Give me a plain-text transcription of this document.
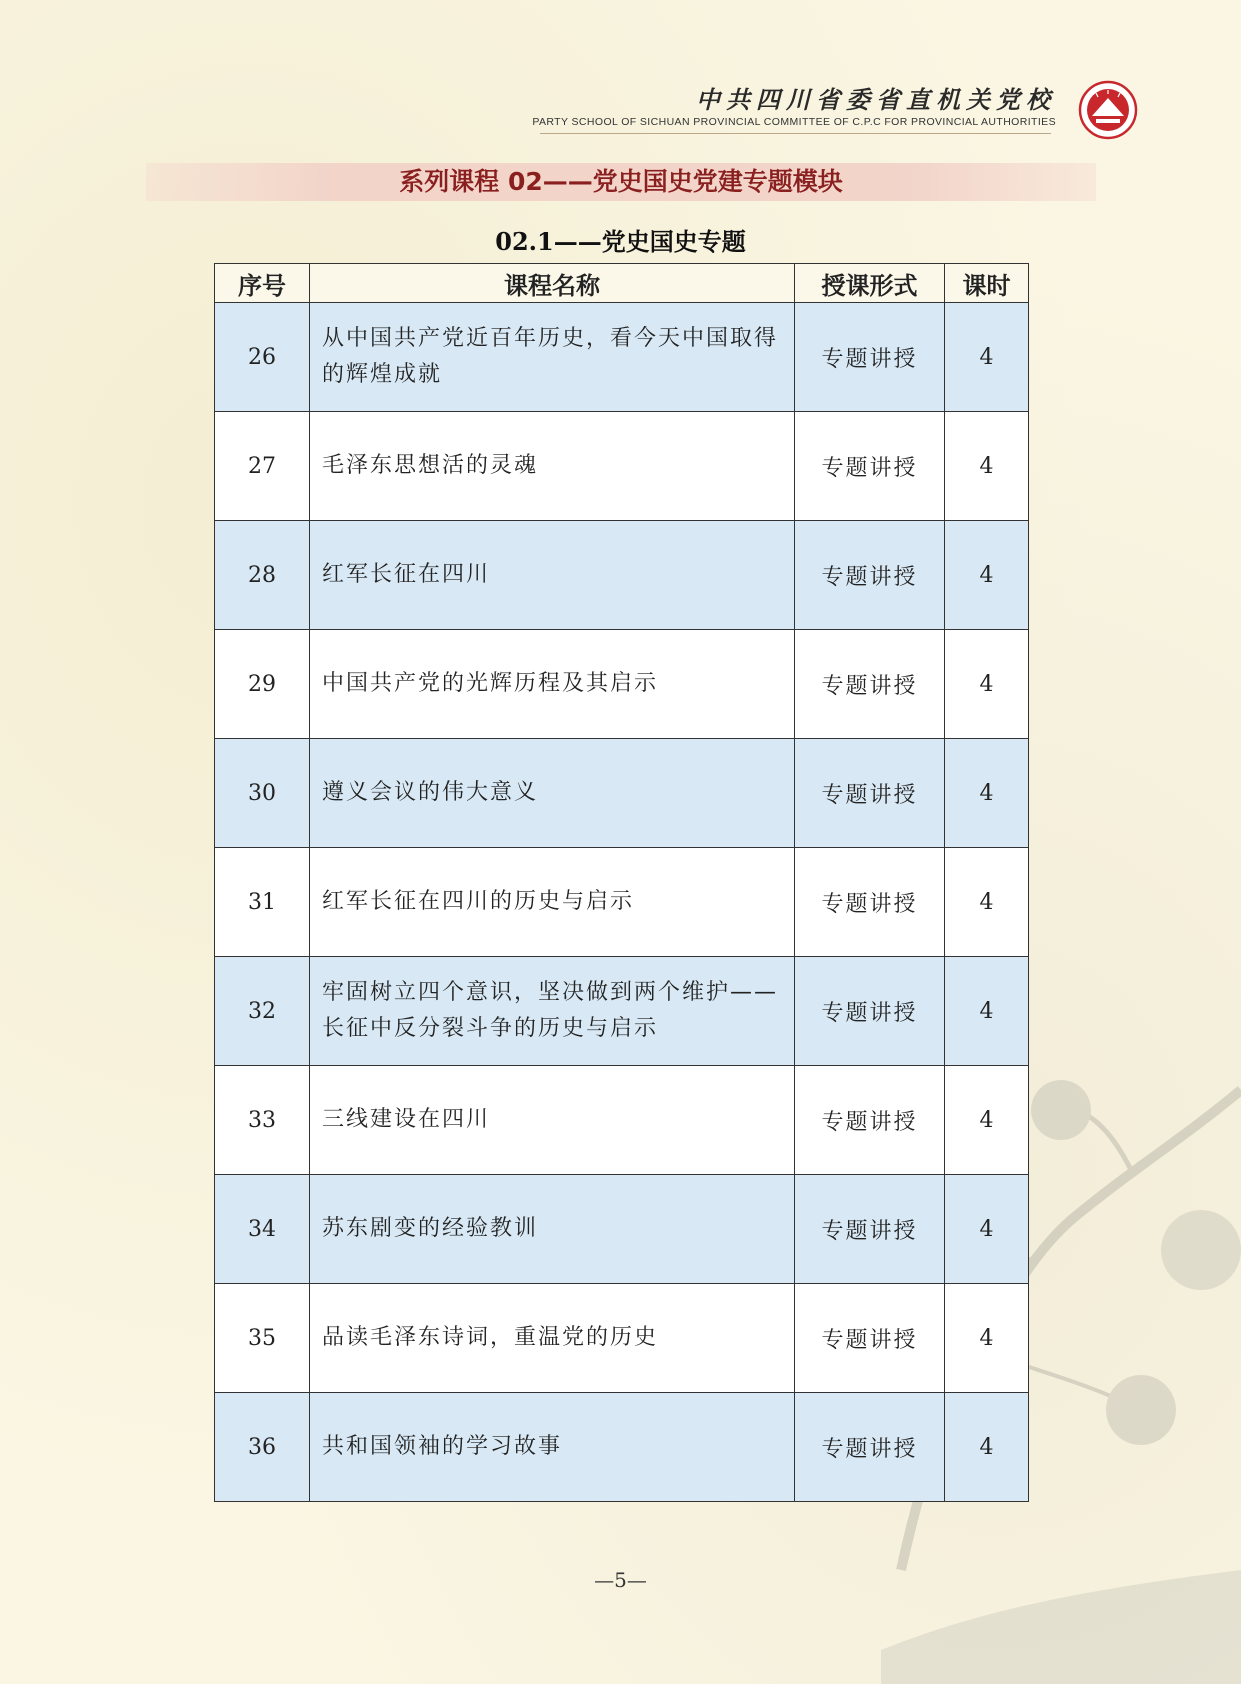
中共四川省委省直机关党校
PARTY SCHOOL OF SICHUAN PROVINCIAL COMMITTEE OF C.P.C FOR PROVINCIAL AUTHORITIES
系列课程 02——党史国史党建专题模块
02.1——党史国史专题
序号	课程名称	授课形式	课时
26	从中国共产党近百年历史，看今天中国取得的辉煌成就	专题讲授	4
27	毛泽东思想活的灵魂	专题讲授	4
28	红军长征在四川	专题讲授	4
29	中国共产党的光辉历程及其启示	专题讲授	4
30	遵义会议的伟大意义	专题讲授	4
31	红军长征在四川的历史与启示	专题讲授	4
32	牢固树立四个意识，坚决做到两个维护——长征中反分裂斗争的历史与启示	专题讲授	4
33	三线建设在四川	专题讲授	4
34	苏东剧变的经验教训	专题讲授	4
35	品读毛泽东诗词，重温党的历史	专题讲授	4
36	共和国领袖的学习故事	专题讲授	4
—5—
